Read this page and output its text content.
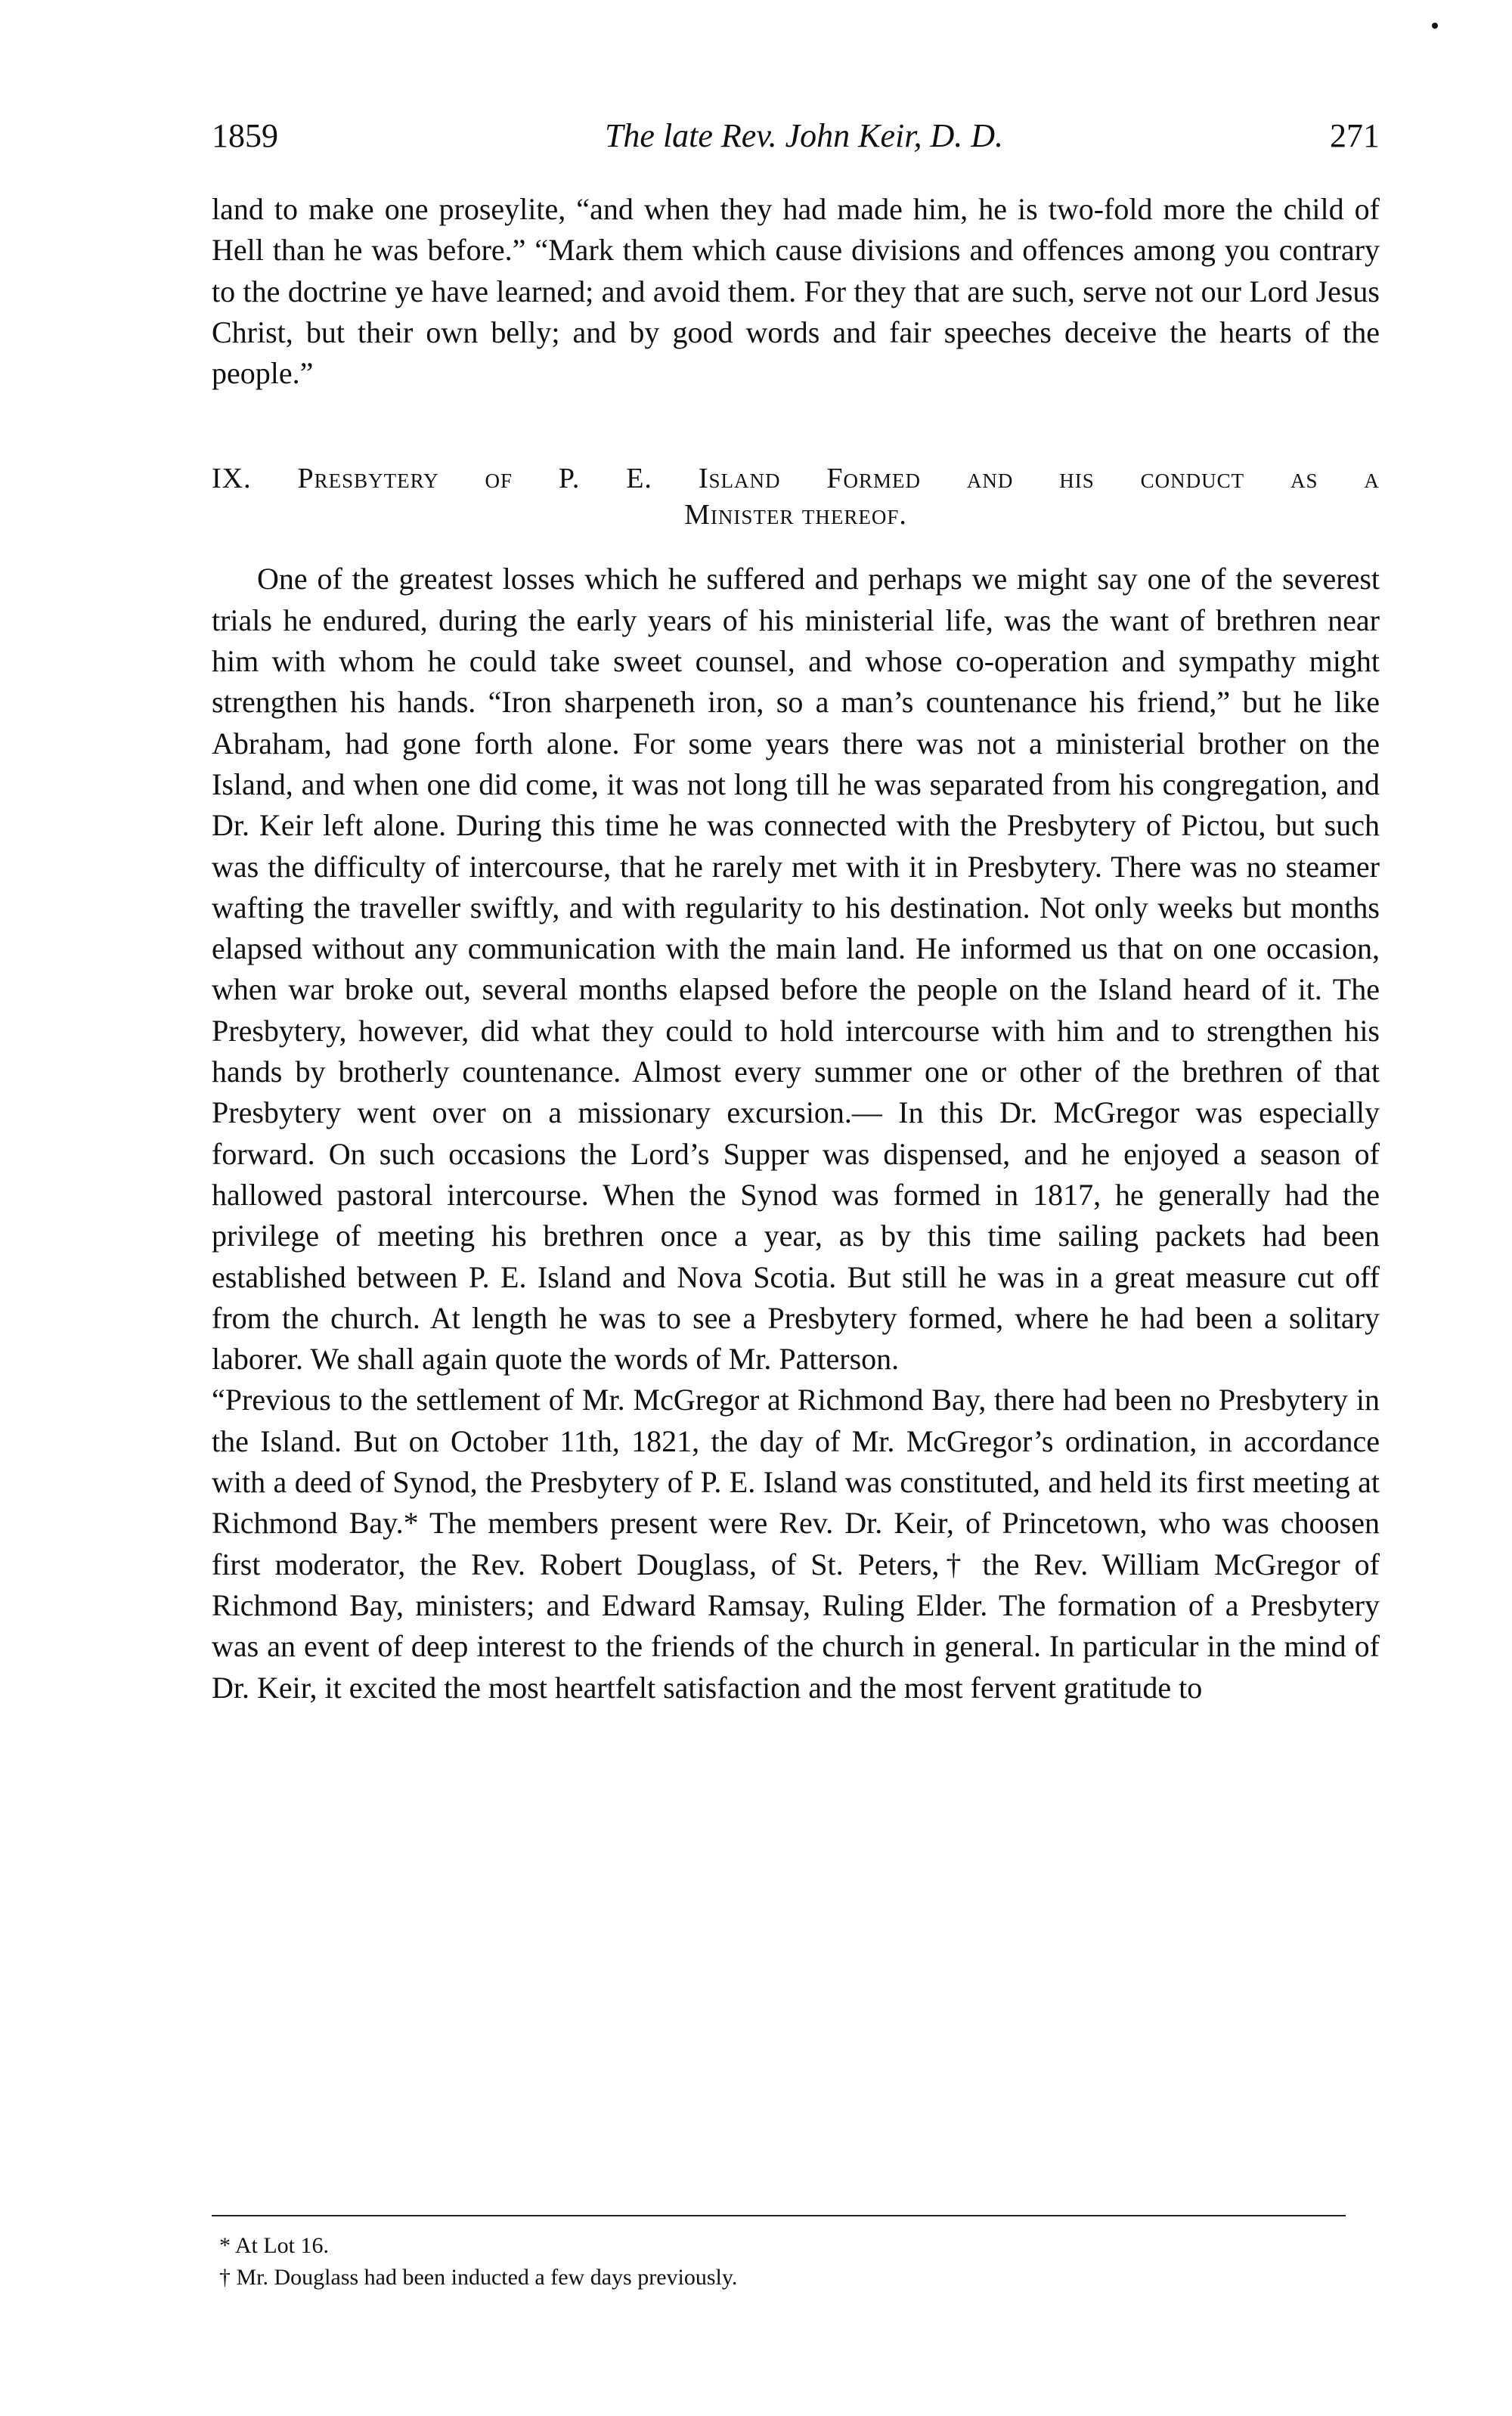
1859	The late Rev. John Keir, D. D.	271

land to make one proseylite, “and when they had made him, he is two-fold more the child of Hell than he was before.” “Mark them which cause divisions and offences among you contrary to the doctrine ye have learned; and avoid them. For they that are such, serve not our Lord Jesus Christ, but their own belly; and by good words and fair speeches deceive the hearts of the people.”

IX. Presbytery of P. E. Island Formed and his conduct as a
Minister thereof.

One of the greatest losses which he suffered and perhaps we might say one of the severest trials he endured, during the early years of his ministerial life, was the want of brethren near him with whom he could take sweet counsel, and whose co-operation and sympathy might strengthen his hands. “Iron sharpeneth iron, so a man’s countenance his friend,” but he like Abraham, had gone forth alone. For some years there was not a ministerial brother on the Island, and when one did come, it was not long till he was separated from his congregation, and Dr. Keir left alone. During this time he was connected with the Presbytery of Pictou, but such was the difficulty of intercourse, that he rarely met with it in Presbytery. There was no steamer wafting the traveller swiftly, and with regularity to his destination. Not only weeks but months elapsed without any communication with the main land. He informed us that on one occasion, when war broke out, several months elapsed before the people on the Island heard of it. The Presbytery, however, did what they could to hold intercourse with him and to strengthen his hands by brotherly countenance. Almost every summer one or other of the brethren of that Presbytery went over on a missionary excursion.— In this Dr. McGregor was especially forward. On such occasions the Lord’s Supper was dispensed, and he enjoyed a season of hallowed pastoral intercourse. When the Synod was formed in 1817, he generally had the privilege of meeting his brethren once a year, as by this time sailing packets had been established between P. E. Island and Nova Scotia. But still he was in a great measure cut off from the church. At length he was to see a Presbytery formed, where he had been a solitary laborer. We shall again quote the words of Mr. Patterson.

“Previous to the settlement of Mr. McGregor at Richmond Bay, there had been no Presbytery in the Island. But on October 11th, 1821, the day of Mr. McGregor’s ordination, in accordance with a deed of Synod, the Presbytery of P. E. Island was constituted, and held its first meeting at Richmond Bay.* The members present were Rev. Dr. Keir, of Princetown, who was choosen first moderator, the Rev. Robert Douglass, of St. Peters,† the Rev. William McGregor of Richmond Bay, ministers; and Edward Ramsay, Ruling Elder. The formation of a Presbytery was an event of deep interest to the friends of the church in general. In particular in the mind of Dr. Keir, it excited the most heartfelt satisfaction and the most fervent gratitude to

* At Lot 16.
† Mr. Douglass had been inducted a few days previously.
